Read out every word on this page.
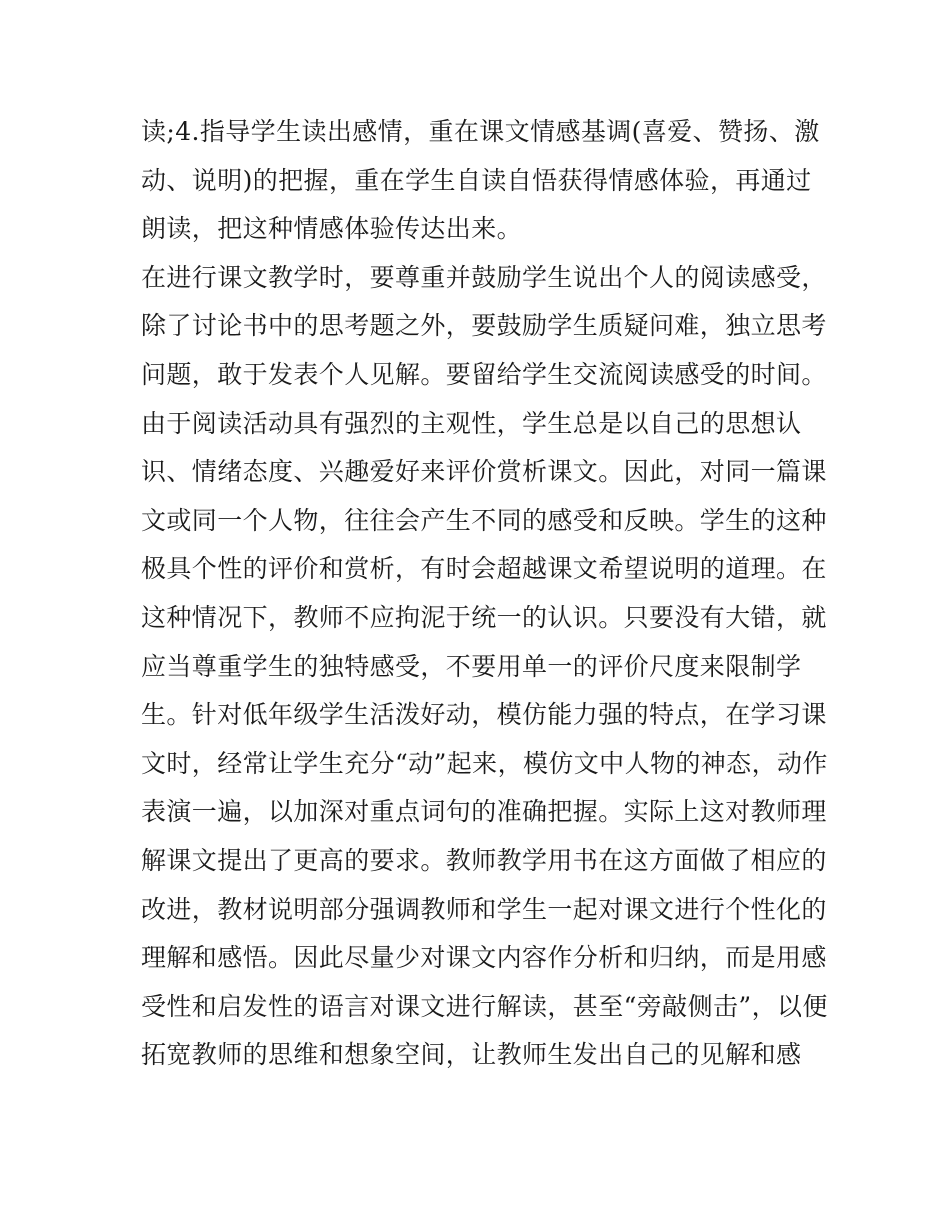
读;4.指导学生读出感情，重在课文情感基调(喜爱、赞扬、激
动、说明)的把握，重在学生自读自悟获得情感体验，再通过
朗读，把这种情感体验传达出来。
在进行课文教学时，要尊重并鼓励学生说出个人的阅读感受，
除了讨论书中的思考题之外，要鼓励学生质疑问难，独立思考
问题，敢于发表个人见解。要留给学生交流阅读感受的时间。
由于阅读活动具有强烈的主观性，学生总是以自己的思想认
识、情绪态度、兴趣爱好来评价赏析课文。因此，对同一篇课
文或同一个人物，往往会产生不同的感受和反映。学生的这种
极具个性的评价和赏析，有时会超越课文希望说明的道理。在
这种情况下，教师不应拘泥于统一的认识。只要没有大错，就
应当尊重学生的独特感受，不要用单一的评价尺度来限制学
生。针对低年级学生活泼好动，模仿能力强的特点，在学习课
文时，经常让学生充分“动”起来，模仿文中人物的神态，动作
表演一遍，以加深对重点词句的准确把握。实际上这对教师理
解课文提出了更高的要求。教师教学用书在这方面做了相应的
改进，教材说明部分强调教师和学生一起对课文进行个性化的
理解和感悟。因此尽量少对课文内容作分析和归纳，而是用感
受性和启发性的语言对课文进行解读，甚至“旁敲侧击”，以便
拓宽教师的思维和想象空间，让教师生发出自己的见解和感
